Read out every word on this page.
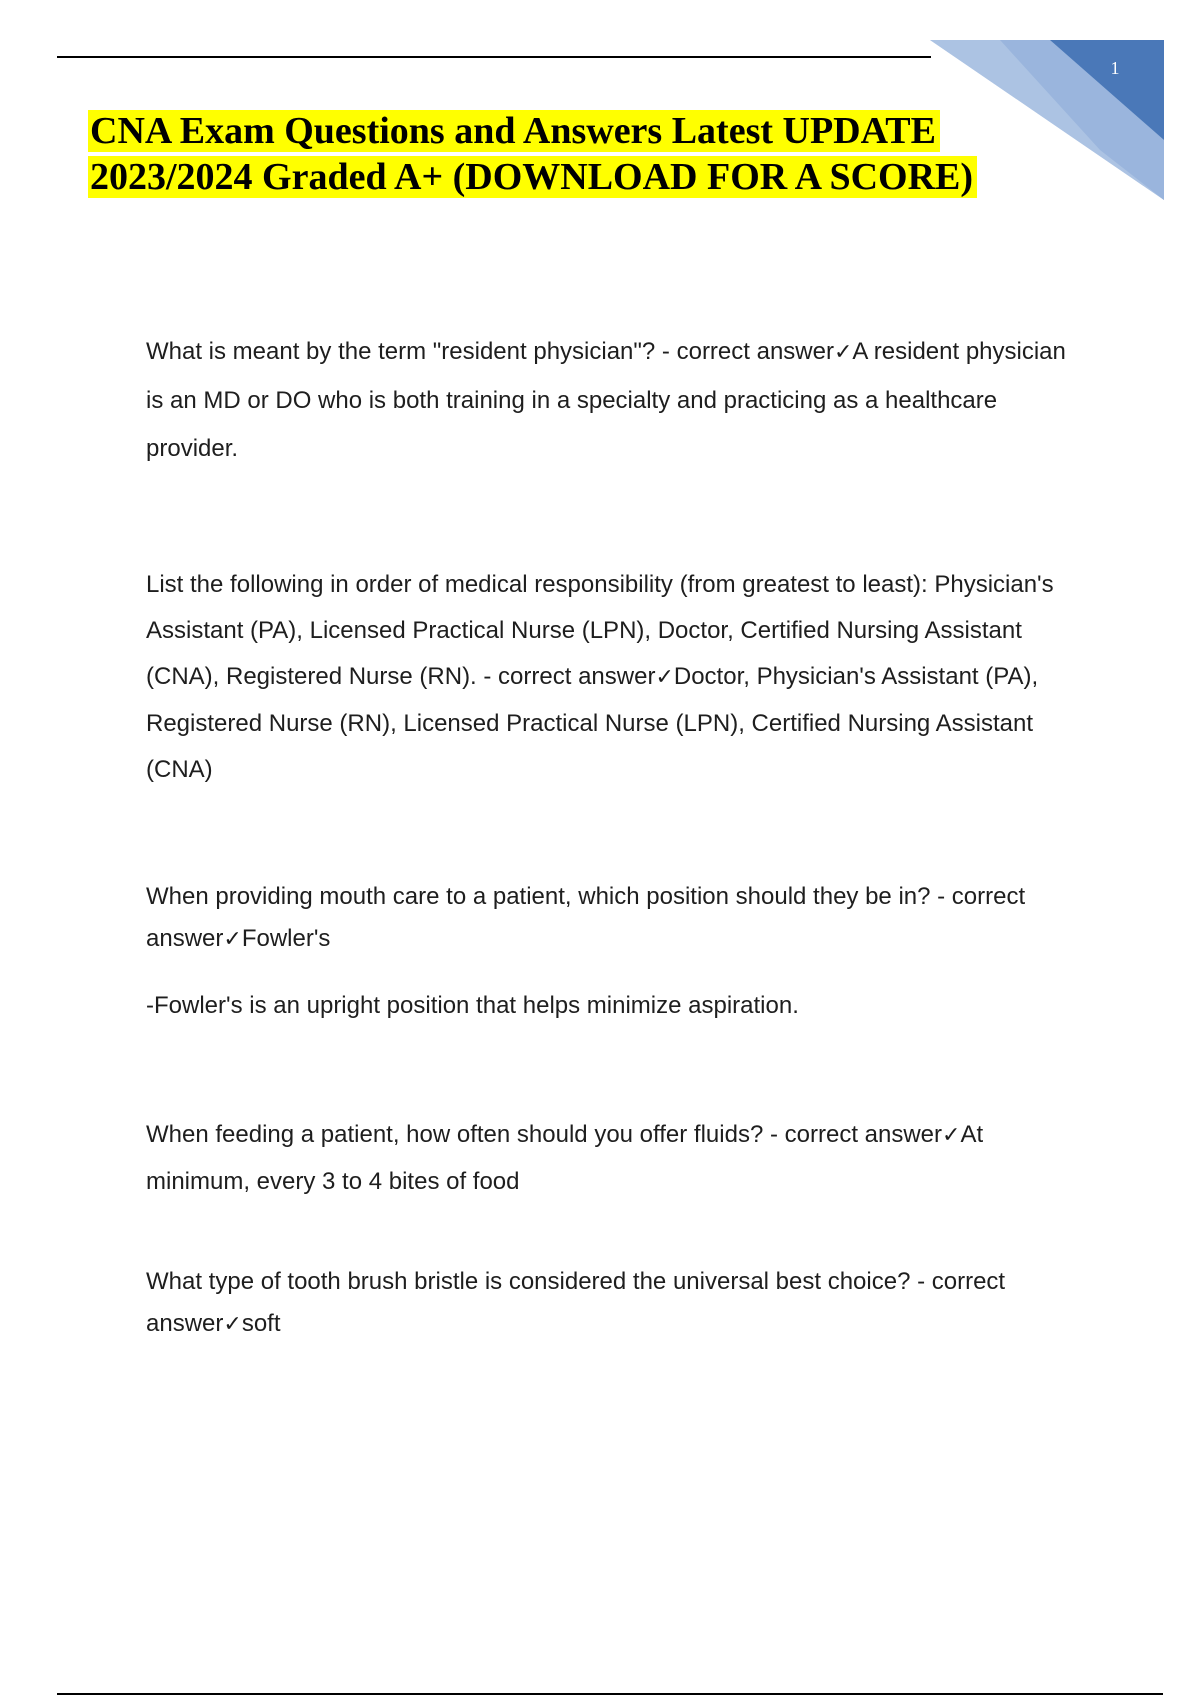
1
CNA Exam Questions and Answers Latest UPDATE
2023/2024 Graded A+ (DOWNLOAD FOR A SCORE)

What is meant by the term "resident physician"? - correct answer✓A resident physician is an MD or DO who is both training in a specialty and practicing as a healthcare provider.

List the following in order of medical responsibility (from greatest to least): Physician's Assistant (PA), Licensed Practical Nurse (LPN), Doctor, Certified Nursing Assistant (CNA), Registered Nurse (RN). - correct answer✓Doctor, Physician's Assistant (PA), Registered Nurse (RN), Licensed Practical Nurse (LPN), Certified Nursing Assistant (CNA)

When providing mouth care to a patient, which position should they be in? - correct answer✓Fowler's

-Fowler's is an upright position that helps minimize aspiration.

When feeding a patient, how often should you offer fluids? - correct answer✓At minimum, every 3 to 4 bites of food

What type of tooth brush bristle is considered the universal best choice? - correct answer✓soft
